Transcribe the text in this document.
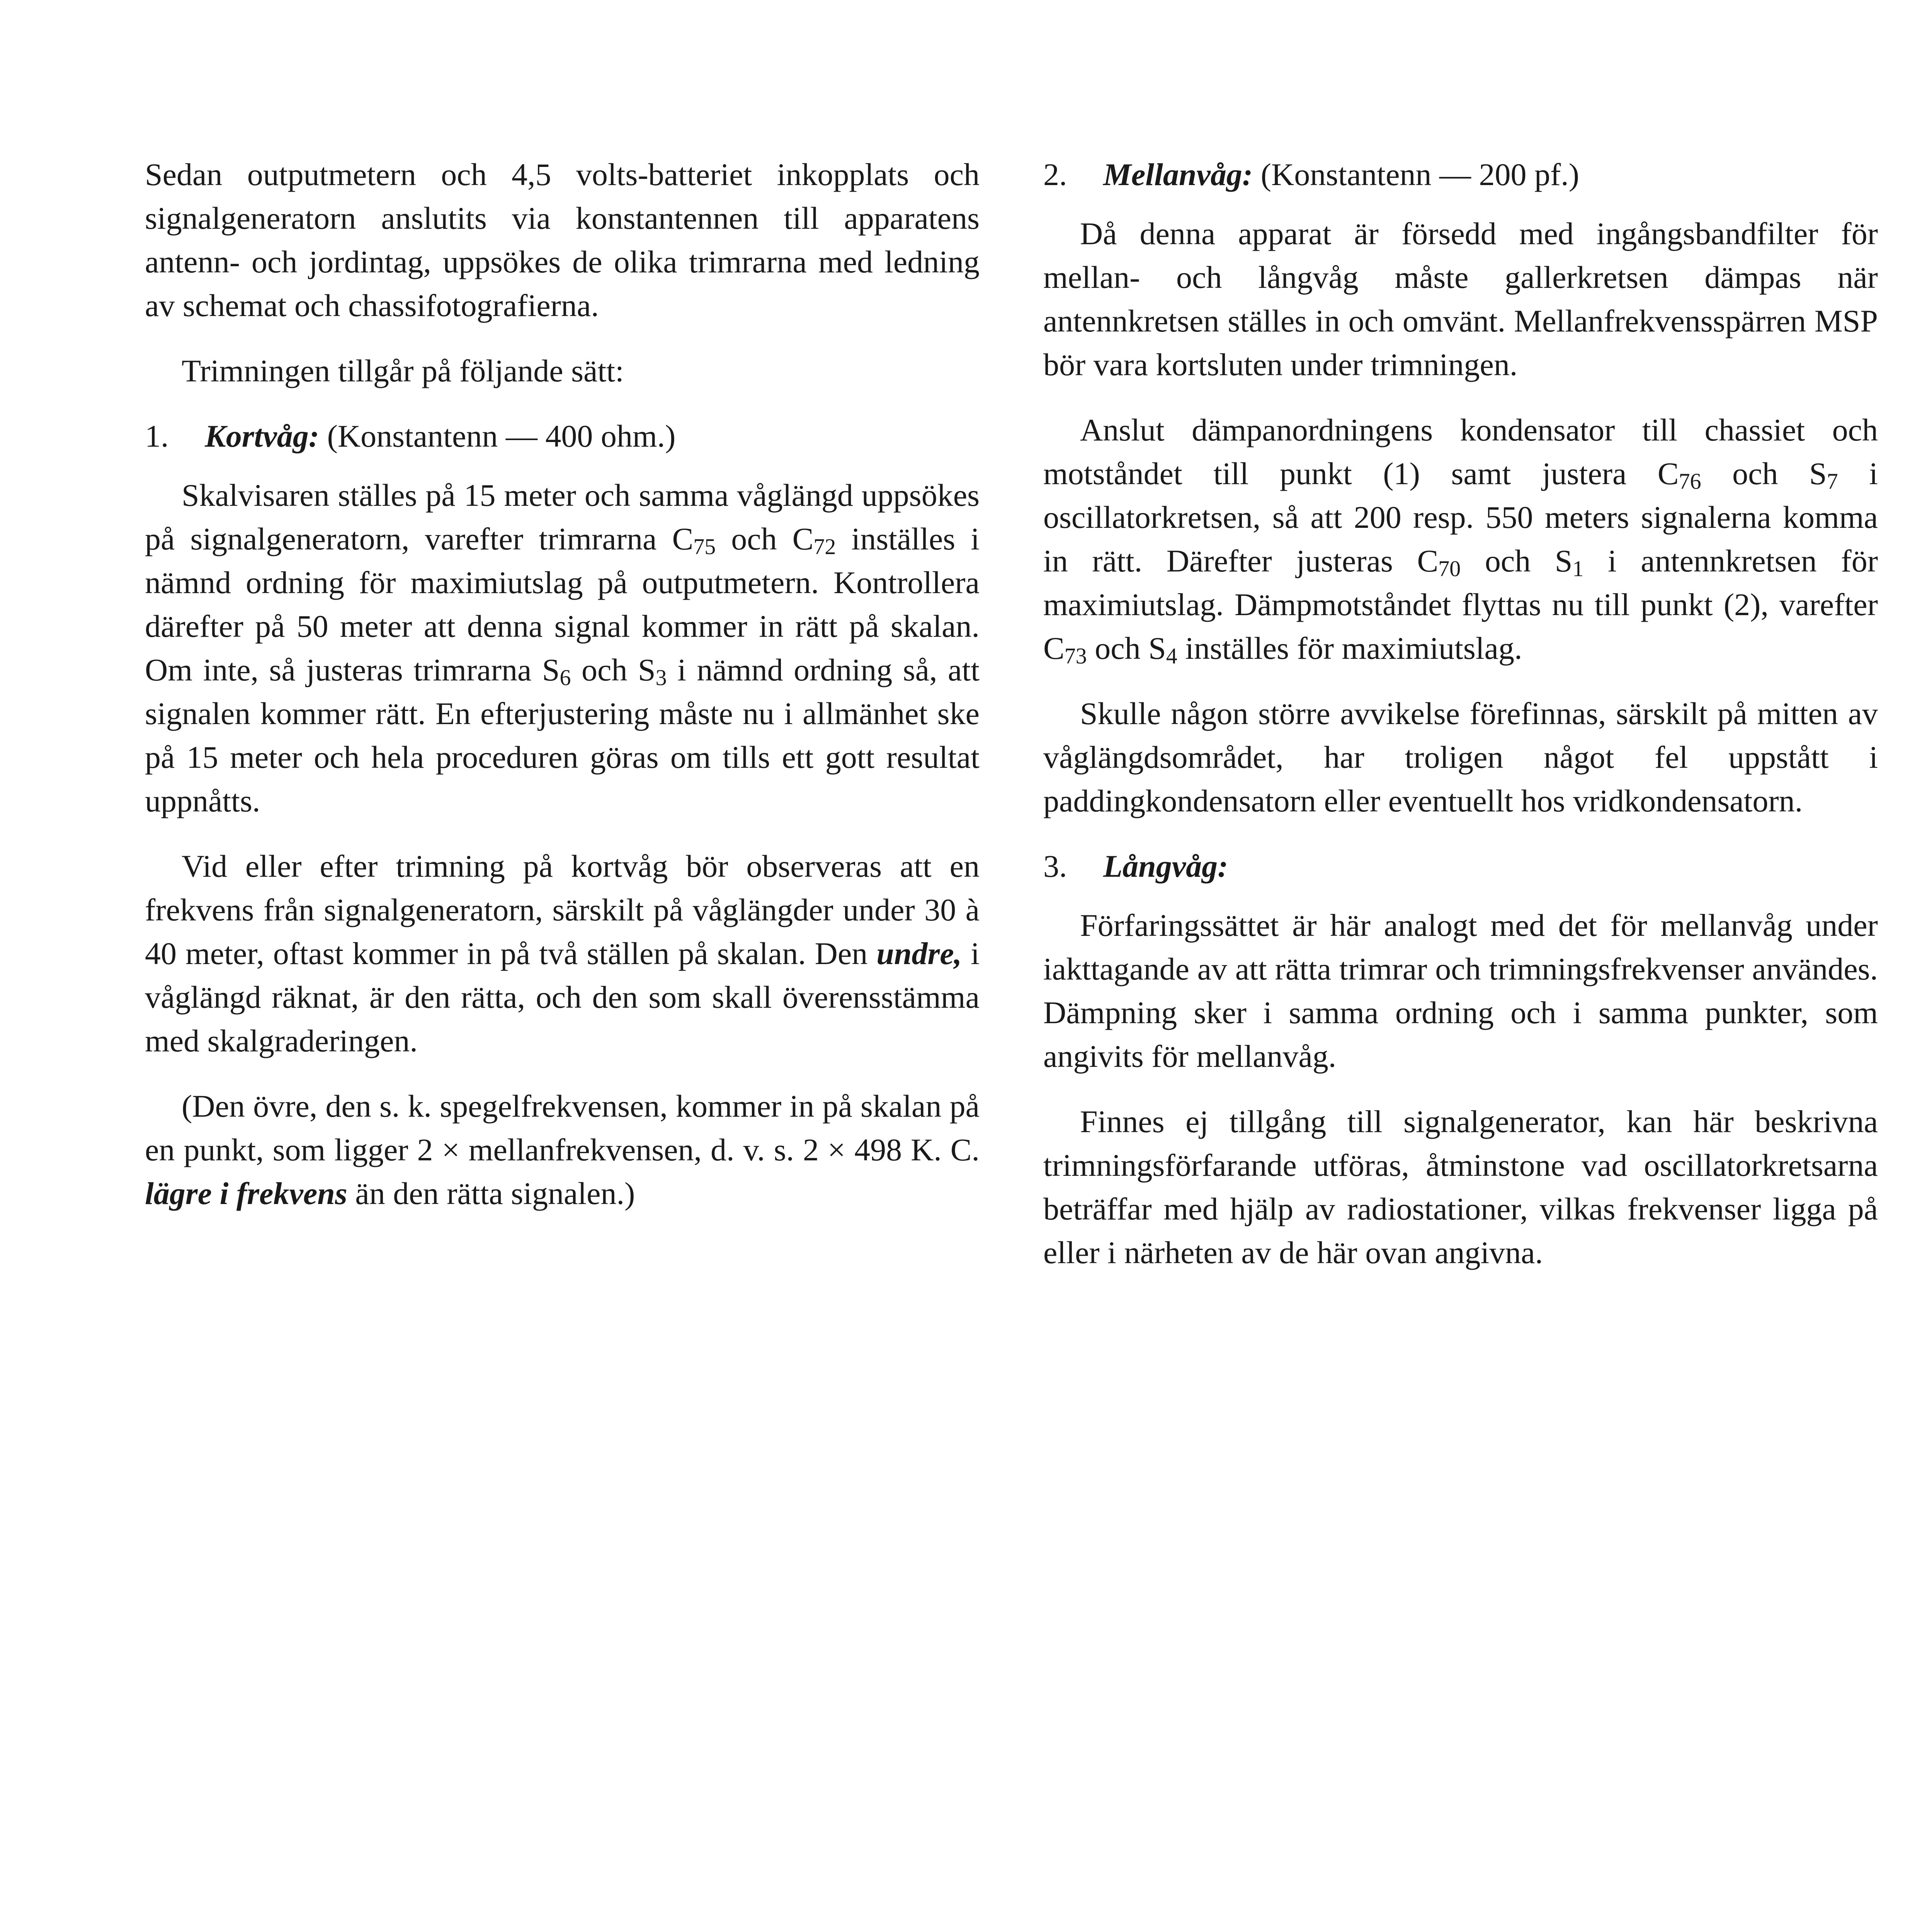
Sedan outputmetern och 4,5 volts-batteriet inkopplats och signalgeneratorn anslutits via konstantennen till apparatens antenn- och jordintag, uppsökes de olika trimrarna med ledning av schemat och chassifotografierna.

Trimningen tillgår på följande sätt:

1. Kortvåg: (Konstantenn — 400 ohm.)

Skalvisaren ställes på 15 meter och samma våglängd uppsökes på signalgeneratorn, varefter trimrarna $C_{75}$ och $C_{72}$ inställes i nämnd ordning för maximiutslag på outputmetern. Kontrollera därefter på 50 meter att denna signal kommer in rätt på skalan. Om inte, så justeras trimrarna $S_6$ och $S_3$ i nämnd ordning så, att signalen kommer rätt. En efterjustering måste nu i allmänhet ske på 15 meter och hela proceduren göras om tills ett gott resultat uppnåtts.

Vid eller efter trimning på kortvåg bör observeras att en frekvens från signalgeneratorn, särskilt på våglängder under 30 à 40 meter, oftast kommer in på två ställen på skalan. Den undre, i våglängd räknat, är den rätta, och den som skall överensstämma med skalgraderingen.

(Den övre, den s. k. spegelfrekvensen, kommer in på skalan på en punkt, som ligger 2 × mellanfrekvensen, d. v. s. 2 × 498 K. C. lägre i frekvens än den rätta signalen.)

2. Mellanvåg: (Konstantenn — 200 pf.)

Då denna apparat är försedd med ingångsbandfilter för mellan- och långvåg måste gallerkretsen dämpas när antennkretsen ställes in och omvänt. Mellanfrekvensspärren MSP bör vara kortsluten under trimningen.

Anslut dämpanordningens kondensator till chassiet och motståndet till punkt (1) samt justera $C_{76}$ och $S_7$ i oscillatorkretsen, så att 200 resp. 550 meters signalerna komma in rätt. Därefter justeras $C_{70}$ och $S_1$ i antennkretsen för maximiutslag. Dämpmotståndet flyttas nu till punkt (2), varefter $C_{73}$ och $S_4$ inställes för maximiutslag.

Skulle någon större avvikelse förefinnas, särskilt på mitten av våglängdsområdet, har troligen något fel uppstått i paddingkondensatorn eller eventuellt hos vridkondensatorn.

3. Långvåg:

Förfaringssättet är här analogt med det för mellanvåg under iakttagande av att rätta trimrar och trimningsfrekvenser användes. Dämpning sker i samma ordning och i samma punkter, som angivits för mellanvåg.

Finnes ej tillgång till signalgenerator, kan här beskrivna trimningsförfarande utföras, åtminstone vad oscillatorkretsarna beträffar med hjälp av radiostationer, vilkas frekvenser ligga på eller i närheten av de här ovan angivna.
